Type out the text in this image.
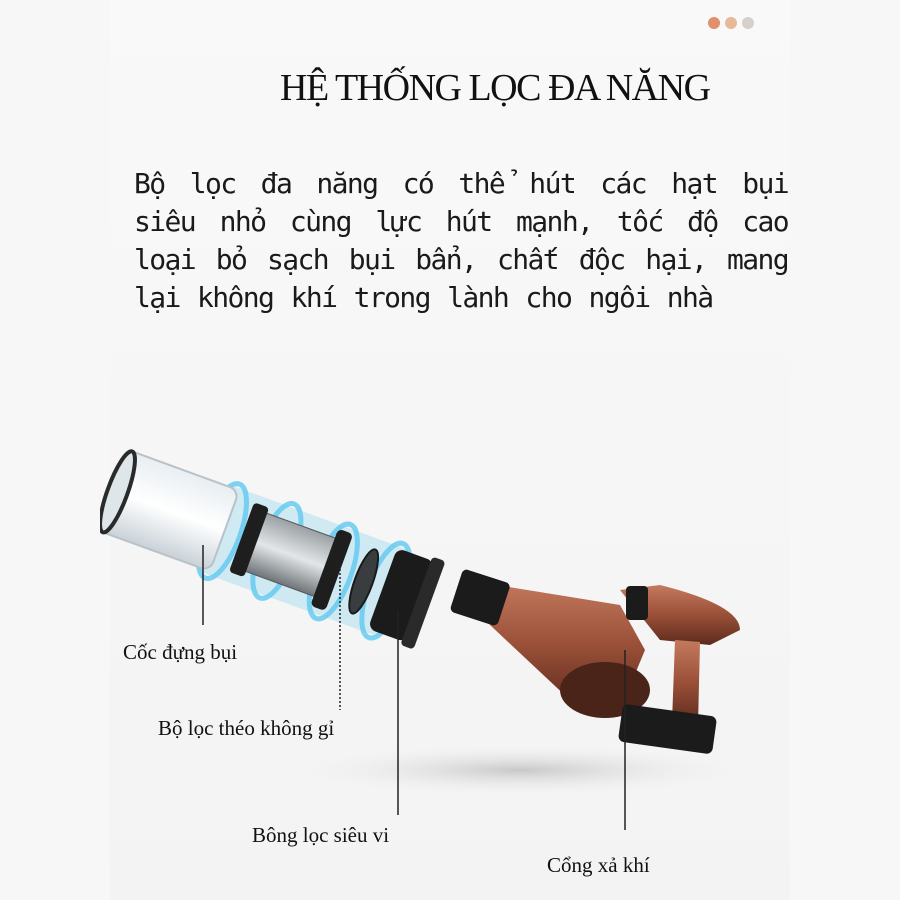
HỆ THỐNG LỌC ĐA NĂNG
Bộ lọc đa năng có thể hút các hạt bụi siêu nhỏ cùng lực hút mạnh, tốc độ cao loại bỏ sạch bụi bẩn, chất độc hại, mang lại không khí trong lành cho ngôi nhà
Cốc đựng bụi
Bộ lọc théo không gỉ
Bông lọc siêu vi
Cổng xả khí
